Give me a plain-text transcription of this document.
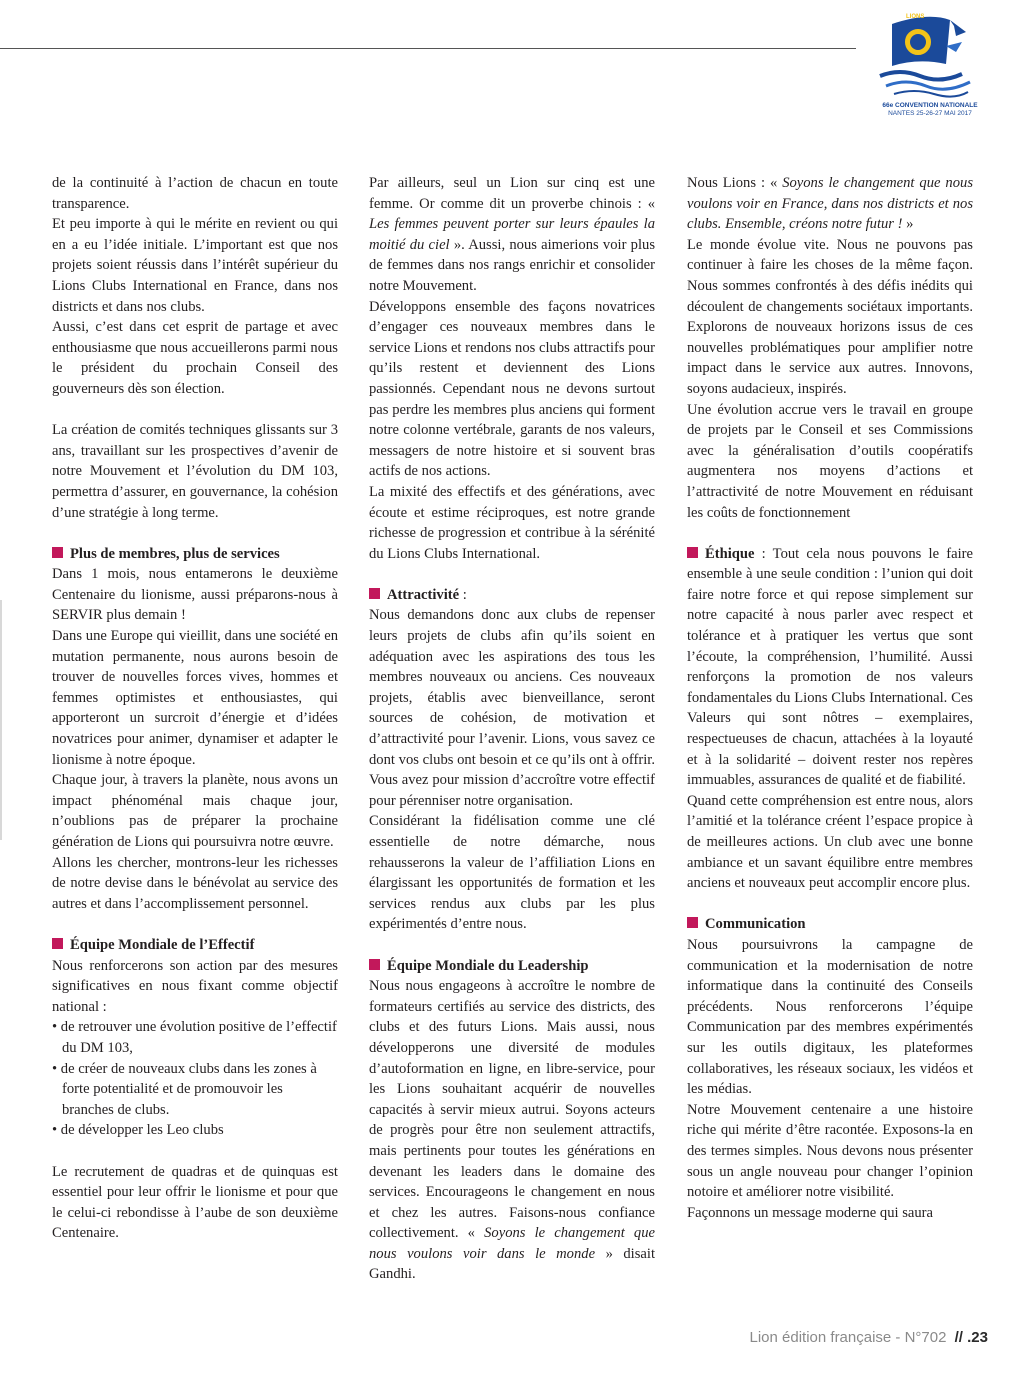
LIONS
66e CONVENTION NATIONALE
NANTES 25-26-27 MAI 2017

de la continuité à l’action de chacun en toute transparence.

Et peu importe à qui le mérite en revient ou qui en a eu l’idée initiale. L’important est que nos projets soient réussis dans l’intérêt supérieur du Lions Clubs International en France, dans nos districts et dans nos clubs.

Aussi, c’est dans cet esprit de partage et avec enthousiasme que nous accueillerons parmi nous le président du prochain Conseil des gouverneurs dès son élection.

La création de comités techniques glissants sur 3 ans, travaillant sur les prospectives d’avenir de notre Mouvement et l’évolution du DM 103, permettra d’assurer, en gouvernance, la cohésion d’une stratégie à long terme.

Plus de membres, plus de services

Dans 1 mois, nous entamerons le deuxième Centenaire du lionisme, aussi préparons-nous à SERVIR plus demain !

Dans une Europe qui vieillit, dans une société en mutation permanente, nous aurons besoin de trouver de nouvelles forces vives, hommes et femmes optimistes et enthousiastes, qui apporteront un surcroit d’énergie et d’idées novatrices pour animer, dynamiser et adapter le lionisme à notre époque.

Chaque jour, à travers la planète, nous avons un impact phénoménal mais chaque jour, n’oublions pas de préparer la prochaine génération de Lions qui poursuivra notre œuvre.

Allons les chercher, montrons-leur les richesses de notre devise dans le bénévolat au service des autres et dans l’accomplissement personnel.

Équipe Mondiale de l’Effectif

Nous renforcerons son action par des mesures significatives en nous fixant comme objectif national :

• de retrouver une évolution positive de l’effectif du DM 103,
• de créer de nouveaux clubs dans les zones à forte potentialité et de promouvoir les branches de clubs.
• de développer les Leo clubs

Le recrutement de quadras et de quinquas est essentiel pour leur offrir le lionisme et pour que le celui-ci rebondisse à l’aube de son deuxième Centenaire.

Par ailleurs, seul un Lion sur cinq est une femme. Or comme dit un proverbe chinois : « Les femmes peuvent porter sur leurs épaules la moitié du ciel ». Aussi, nous aimerions voir plus de femmes dans nos rangs enrichir et consolider notre Mouvement.

Développons ensemble des façons novatrices d’engager ces nouveaux membres dans le service Lions et rendons nos clubs attractifs pour qu’ils restent et deviennent des Lions passionnés. Cependant nous ne devons surtout pas perdre les membres plus anciens qui forment notre colonne vertébrale, garants de nos valeurs, messagers de notre histoire et si souvent bras actifs de nos actions.

La mixité des effectifs et des générations, avec écoute et estime réciproques, est notre grande richesse de progression et contribue à la sérénité du Lions Clubs International.

Attractivité :

Nous demandons donc aux clubs de repenser leurs projets de clubs afin qu’ils soient en adéquation avec les aspirations des tous les membres nouveaux ou anciens. Ces nouveaux projets, établis avec bienveillance, seront sources de cohésion, de motivation et d’attractivité pour l’avenir. Lions, vous savez ce dont vos clubs ont besoin et ce qu’ils ont à offrir. Vous avez pour mission d’accroître votre effectif pour pérenniser notre organisation.

Considérant la fidélisation comme une clé essentielle de notre démarche, nous rehausserons la valeur de l’affiliation Lions en élargissant les opportunités de formation et les services rendus aux clubs par les plus expérimentés d’entre nous.

Équipe Mondiale du Leadership

Nous nous engageons à accroître le nombre de formateurs certifiés au service des districts, des clubs et des futurs Lions. Mais aussi, nous développerons une diversité de modules d’autoformation en ligne, en libre-service, pour les Lions souhaitant acquérir de nouvelles capacités à servir mieux autrui. Soyons acteurs de progrès pour être non seulement attractifs, mais pertinents pour toutes les générations en devenant les leaders dans le domaine des services. Encourageons le changement en nous et chez les autres. Faisons-nous confiance collectivement. « Soyons le changement que nous voulons voir dans le monde » disait Gandhi.

Nous Lions : « Soyons le changement que nous voulons voir en France, dans nos districts et nos clubs. Ensemble, créons notre futur ! »

Le monde évolue vite. Nous ne pouvons pas continuer à faire les choses de la même façon. Nous sommes confrontés à des défis inédits qui découlent de changements sociétaux importants. Explorons de nouveaux horizons issus de ces nouvelles problématiques pour amplifier notre impact dans le service aux autres. Innovons, soyons audacieux, inspirés.

Une évolution accrue vers le travail en groupe de projets par le Conseil et ses Commissions avec la généralisation d’outils coopératifs augmentera nos moyens d’actions et l’attractivité de notre Mouvement en réduisant les coûts de fonctionnement

Éthique : Tout cela nous pouvons le faire ensemble à une seule condition : l’union qui doit faire notre force et qui repose simplement sur notre capacité à nous parler avec respect et tolérance et à pratiquer les vertus que sont l’écoute, la compréhension, l’humilité. Aussi renforçons la promotion de nos valeurs fondamentales du Lions Clubs International. Ces Valeurs qui sont nôtres – exemplaires, respectueuses de chacun, attachées à la loyauté et à la solidarité – doivent rester nos repères immuables, assurances de qualité et de fiabilité.

Quand cette compréhension est entre nous, alors l’amitié et la tolérance créent l’espace propice à de meilleures actions. Un club avec une bonne ambiance et un savant équilibre entre membres anciens et nouveaux peut accomplir encore plus.

Communication

Nous poursuivrons la campagne de communication et la modernisation de notre informatique dans la continuité des Conseils précédents. Nous renforcerons l’équipe Communication par des membres expérimentés sur les outils digitaux, les plateformes collaboratives, les réseaux sociaux, les vidéos et les médias.

Notre Mouvement centenaire a une histoire riche qui mérite d’être racontée. Exposons-la en des termes simples. Nous devons nous présenter sous un angle nouveau pour changer l’opinion notoire et améliorer notre visibilité.

Façonnons un message moderne qui saura

Lion édition française - N°702 // .23
